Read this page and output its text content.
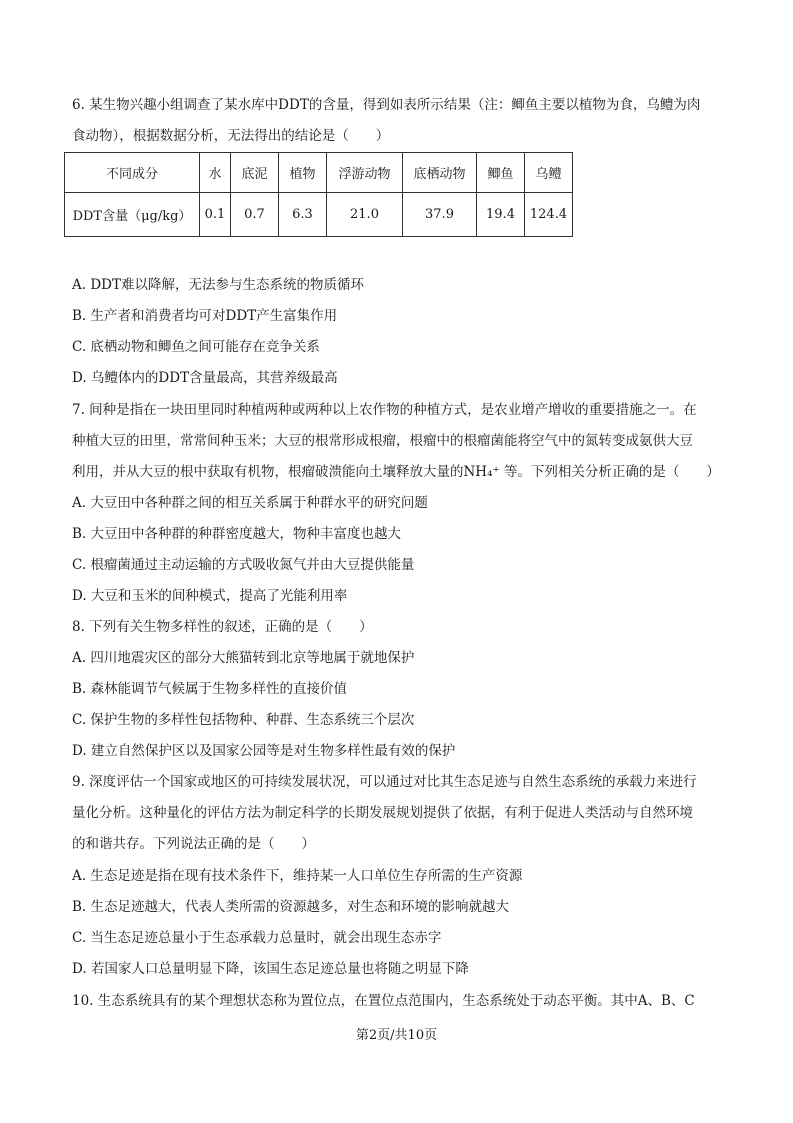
6. 某生物兴趣小组调查了某水库中DDT的含量，得到如表所示结果（注：鲫鱼主要以植物为食，乌鳢为肉
食动物），根据数据分析，无法得出的结论是（　　）
不同成分	水	底泥	植物	浮游动物	底栖动物	鲫鱼	乌鳢
DDT含量（μg/kg）	0.1	0.7	6.3	21.0	37.9	19.4	124.4
A. DDT难以降解，无法参与生态系统的物质循环
B. 生产者和消费者均可对DDT产生富集作用
C. 底栖动物和鲫鱼之间可能存在竞争关系
D. 乌鳢体内的DDT含量最高，其营养级最高
7. 间种是指在一块田里同时种植两种或两种以上农作物的种植方式，是农业增产增收的重要措施之一。在
种植大豆的田里，常常间种玉米；大豆的根常形成根瘤，根瘤中的根瘤菌能将空气中的氮转变成氨供大豆
利用，并从大豆的根中获取有机物，根瘤破溃能向土壤释放大量的NH₄⁺ 等。下列相关分析正确的是（　　）
A. 大豆田中各种群之间的相互关系属于种群水平的研究问题
B. 大豆田中各种群的种群密度越大，物种丰富度也越大
C. 根瘤菌通过主动运输的方式吸收氮气并由大豆提供能量
D. 大豆和玉米的间种模式，提高了光能利用率
8. 下列有关生物多样性的叙述，正确的是（　　）
A. 四川地震灾区的部分大熊猫转到北京等地属于就地保护
B. 森林能调节气候属于生物多样性的直接价值
C. 保护生物的多样性包括物种、种群、生态系统三个层次
D. 建立自然保护区以及国家公园等是对生物多样性最有效的保护
9. 深度评估一个国家或地区的可持续发展状况，可以通过对比其生态足迹与自然生态系统的承载力来进行
量化分析。这种量化的评估方法为制定科学的长期发展规划提供了依据，有利于促进人类活动与自然环境
的和谐共存。下列说法正确的是（　　）
A. 生态足迹是指在现有技术条件下，维持某一人口单位生存所需的生产资源
B. 生态足迹越大，代表人类所需的资源越多，对生态和环境的影响就越大
C. 当生态足迹总量小于生态承载力总量时，就会出现生态赤字
D. 若国家人口总量明显下降，该国生态足迹总量也将随之明显下降
10. 生态系统具有的某个理想状态称为置位点，在置位点范围内，生态系统处于动态平衡。其中A、B、C
第2页/共10页
